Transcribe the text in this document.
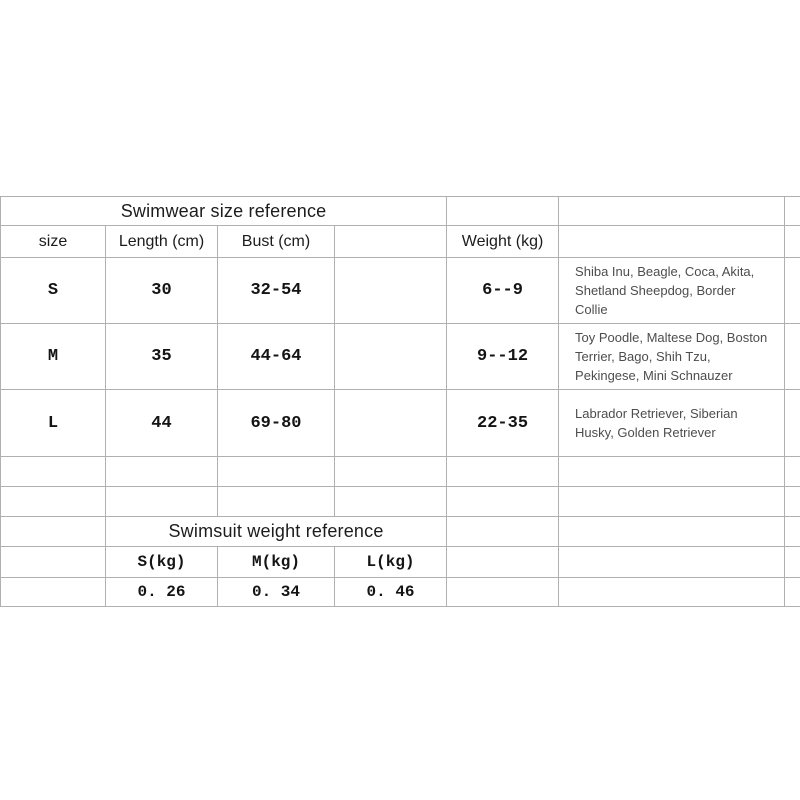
Swimwear size reference						
size	Length (cm)	Bust (cm)		Weight (kg)		
S	30	32-54		6--9	Shiba Inu, Beagle, Coca, Akita, Shetland Sheepdog, Border Collie	
M	35	44-64		9--12	Toy Poodle, Maltese Dog, Boston Terrier, Bago, Shih Tzu, Pekingese, Mini Schnauzer	
L	44	69-80		22-35	Labrador Retriever, Siberian Husky, Golden Retriever	

	Swimsuit weight reference					
	S(kg)	M(kg)	L(kg)			
	0. 26	0. 34	0. 46			
